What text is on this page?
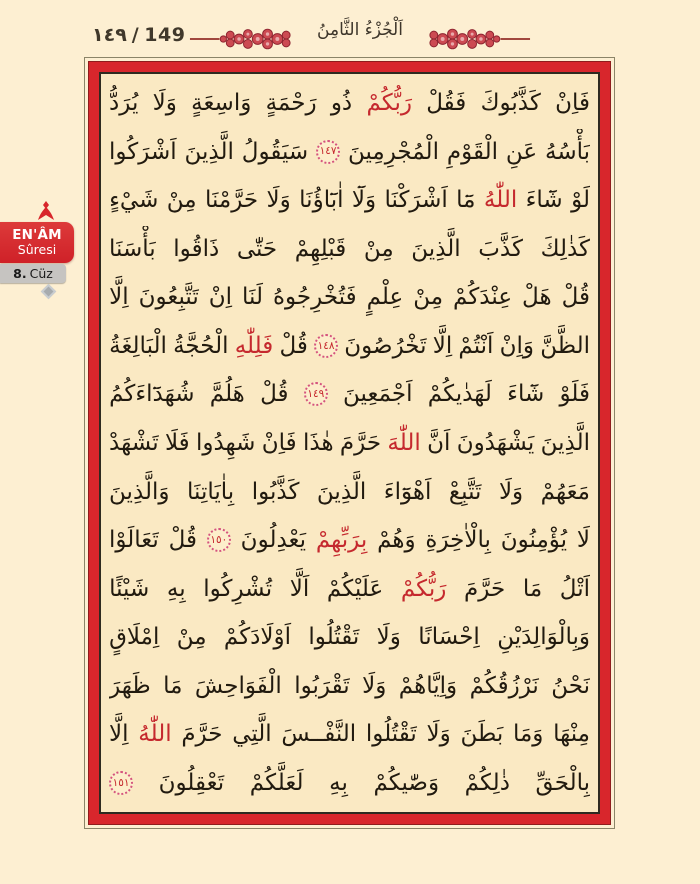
١٤٩ / 149	اَلْجُزْءُ الثَّامِنُ
EN'ÂM
Sûresi
8. Cüz
فَاِنْ
كَذَّبُوكَ
فَقُلْ
رَبُّكُمْ
ذُو
رَحْمَةٍ
وَاسِعَةٍ
وَلَا
يُرَدُّ
بَأْسُهُ
عَنِ
الْقَوْمِ
الْمُجْرِمِينَ
١٤٧
سَيَقُولُ
الَّذِينَ
اَشْرَكُوا
لَوْ
شَٓاءَ
اللّٰهُ
مَٓا
اَشْرَكْنَا
وَلَٓا
اٰبَٓاؤُنَا
وَلَا
حَرَّمْنَا
مِنْ
شَيْءٍ
كَذٰلِكَ
كَذَّبَ
الَّذِينَ
مِنْ
قَبْلِهِمْ
حَتّٰى
ذَاقُوا
بَأْسَنَا
قُلْ
هَلْ
عِنْدَكُمْ
مِنْ
عِلْمٍ
فَتُخْرِجُوهُ
لَنَا
اِنْ
تَتَّبِعُونَ
اِلَّا
الظَّنَّ
وَاِنْ
اَنْتُمْ
اِلَّا
تَخْرُصُونَ
١٤٨
قُلْ
فَلِلّٰهِ
الْحُجَّةُ
الْبَالِغَةُ
فَلَوْ
شَٓاءَ
لَهَدٰيكُمْ
اَجْمَعِينَ
١٤٩
قُلْ
هَلُمَّ
شُهَدَٓاءَكُمُ
الَّذِينَ
يَشْهَدُونَ
اَنَّ
اللّٰهَ
حَرَّمَ
هٰذَا
فَاِنْ
شَهِدُوا
فَلَا
تَشْهَدْ
مَعَهُمْ
وَلَا
تَتَّبِعْ
اَهْوَٓاءَ
الَّذِينَ
كَذَّبُوا
بِاٰيَاتِنَا
وَالَّذِينَ
لَا
يُؤْمِنُونَ
بِالْاٰخِرَةِ
وَهُمْ
بِرَبِّهِمْ
يَعْدِلُونَ
١٥٠
قُلْ
تَعَالَوْا
اَتْلُ
مَا
حَرَّمَ
رَبُّكُمْ
عَلَيْكُمْ
اَلَّا
تُشْرِكُوا
بِهِ
شَيْئًا
وَبِالْوَالِدَيْنِ
اِحْسَانًا
وَلَا
تَقْتُلُوا
اَوْلَادَكُمْ
مِنْ
اِمْلَاقٍ
نَحْنُ
نَرْزُقُكُمْ
وَاِيَّاهُمْ
وَلَا
تَقْرَبُوا
الْفَوَاحِشَ
مَا
ظَهَرَ
مِنْهَا
وَمَا
بَطَنَ
وَلَا
تَقْتُلُوا
النَّفْــسَ
الَّتِي
حَرَّمَ
اللّٰهُ
اِلَّا
بِالْحَقِّ
ذٰلِكُمْ
وَصّٰيكُمْ
بِهِ
لَعَلَّكُمْ
تَعْقِلُونَ
١٥١
